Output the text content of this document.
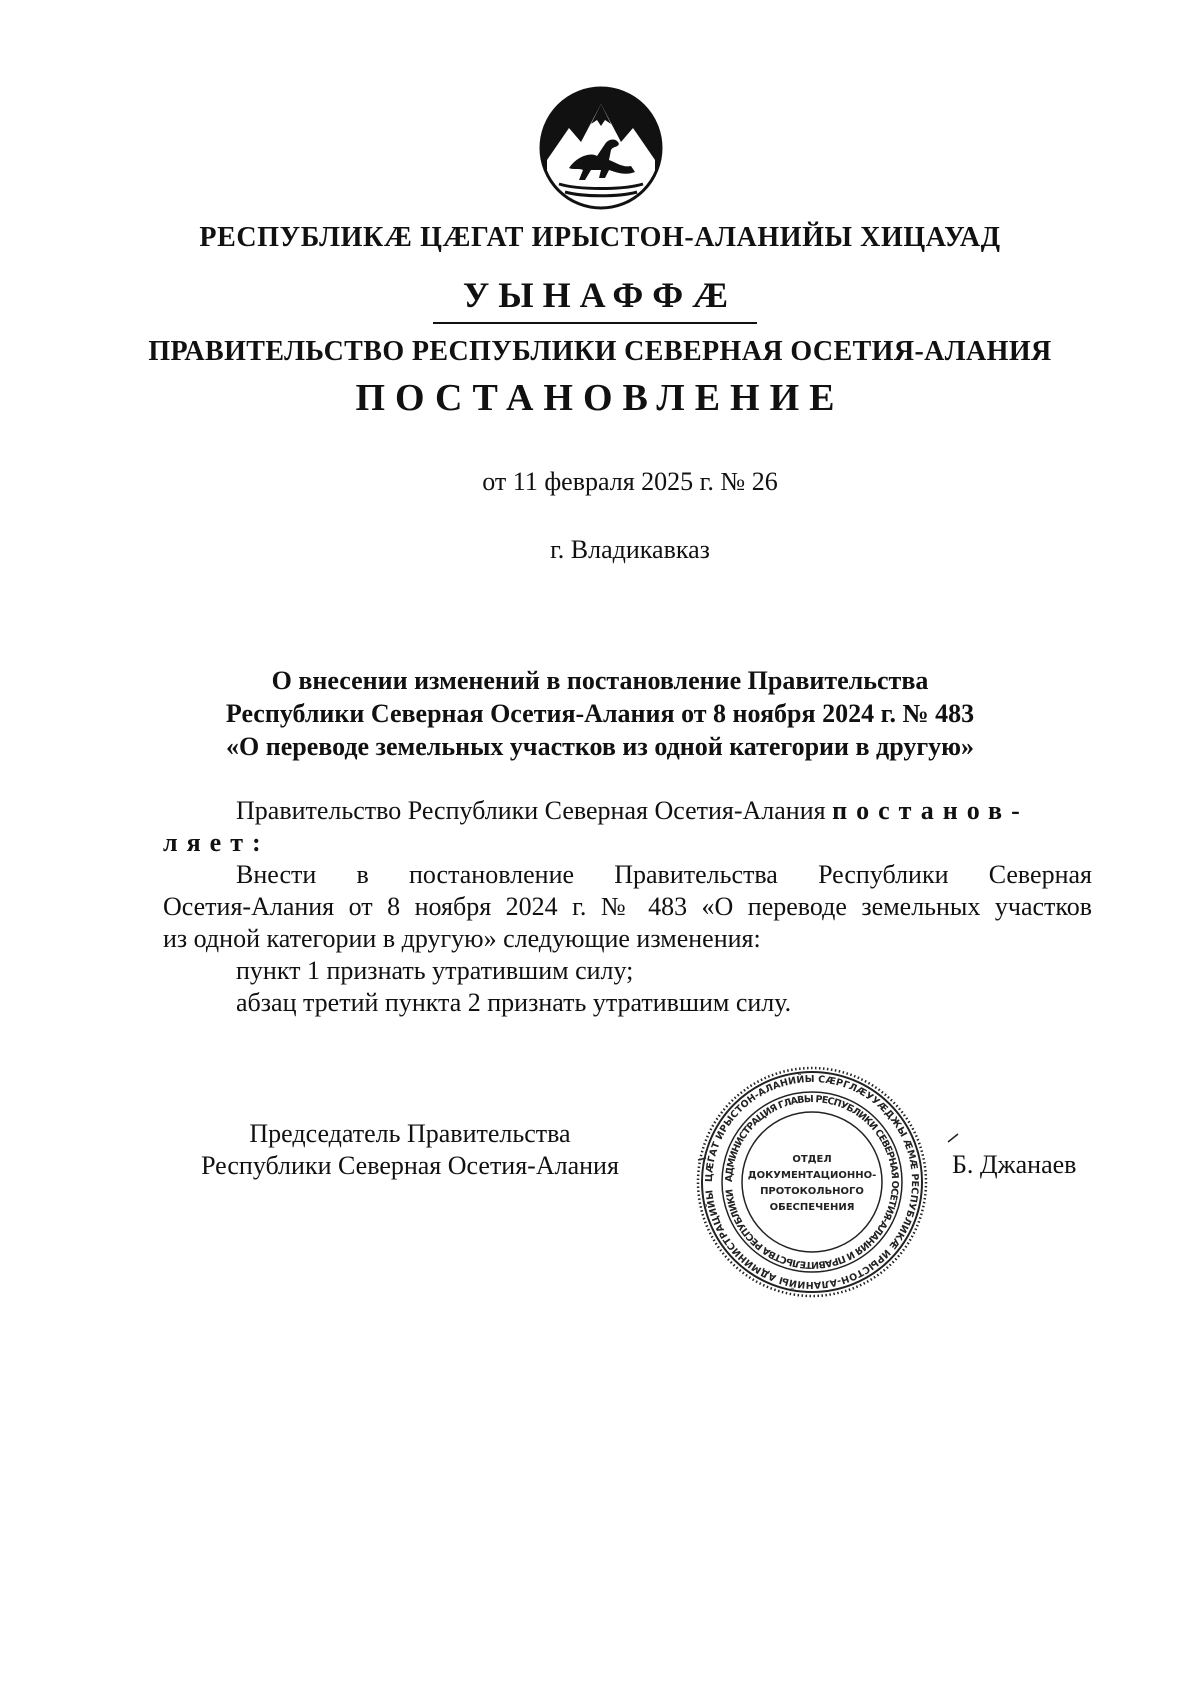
РЕСПУБЛИКÆ ЦÆГАТ ИРЫСТОН-АЛАНИЙЫ ХИЦАУАД
УЫНАФФÆ
ПРАВИТЕЛЬСТВО РЕСПУБЛИКИ СЕВЕРНАЯ ОСЕТИЯ-АЛАНИЯ
ПОСТАНОВЛЕНИЕ
от 11 февраля 2025 г. № 26
г. Владикавказ
О внесении изменений в постановление Правительства
Республики Северная Осетия-Алания от 8 ноября 2024 г. № 483
«О переводе земельных участков из одной категории в другую»
Правительство Республики Северная Осетия-Алания постанов-
ляет:
Внести в постановление Правительства Республики Северная
Осетия-Алания от 8 ноября 2024 г. № 483 «О переводе земельных участков
из одной категории в другую» следующие изменения:
пункт 1 признать утратившим силу;
абзац третий пункта 2 признать утратившим силу.
Председатель Правительства
Республики Северная Осетия-Алания	ЦÆГАТ ИРЫСТОН-АЛАНИЙЫ СÆРГЛÆУУÆДЖЫ ÆМÆ РЕСПУБЛИКÆ ИРЫСТОН-АЛАНИЙЫ АДМИНИСТРАЦИЙЫ
АДМИНИСТРАЦИЯ ГЛАВЫ РЕСПУБЛИКИ СЕВЕРНАЯ ОСЕТИЯ-АЛАНИЯ И ПРАВИТЕЛЬСТВА РЕСПУБЛИКИ
ОТДЕЛ
ДОКУМЕНТАЦИОННО-
ПРОТОКОЛЬНОГО
ОБЕСПЕЧЕНИЯ
Б. Джанаев
